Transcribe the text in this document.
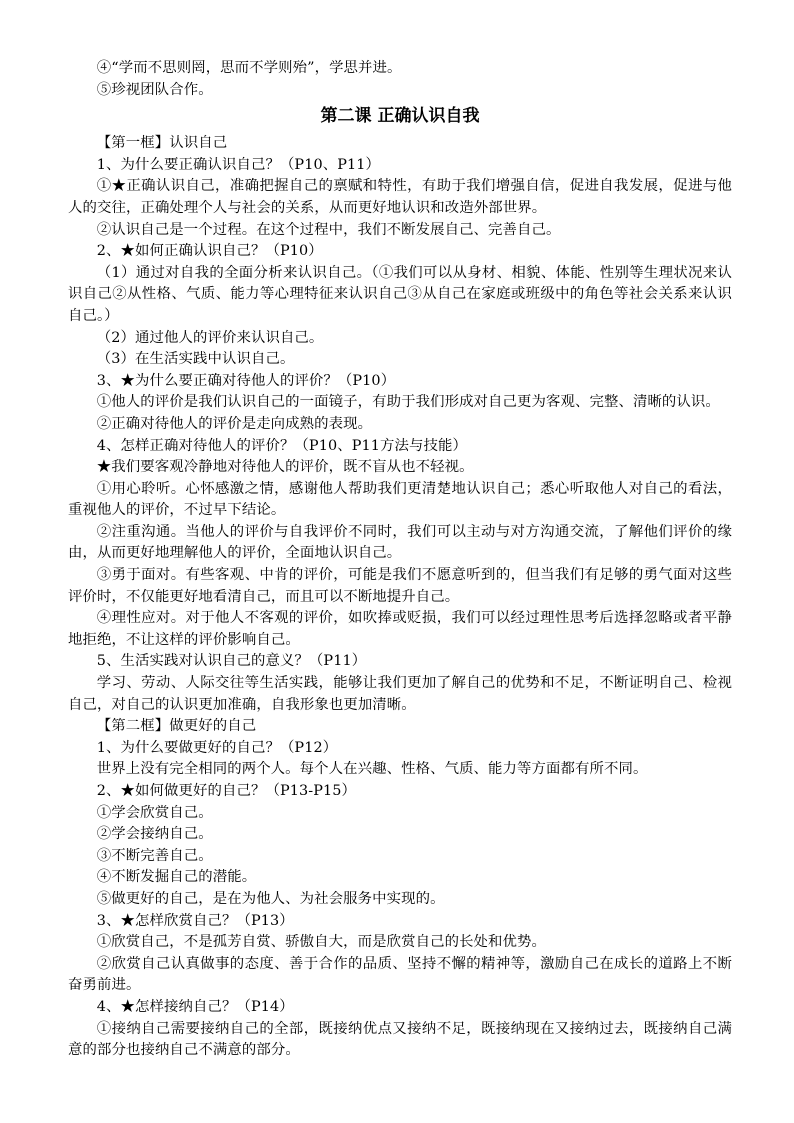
④“学而不思则罔，思而不学则殆”，学思并进。

⑤珍视团队合作。

第二课 正确认识自我

【第一框】认识自己

1、为什么要正确认识自己？（P10、P11）

①★正确认识自己，准确把握自己的禀赋和特性，有助于我们增强自信，促进自我发展，促进与他人的交往，正确处理个人与社会的关系，从而更好地认识和改造外部世界。

②认识自己是一个过程。在这个过程中，我们不断发展自己、完善自己。

2、★如何正确认识自己？（P10）

（1）通过对自我的全面分析来认识自己。（①我们可以从身材、相貌、体能、性别等生理状况来认识自己②从性格、气质、能力等心理特征来认识自己③从自己在家庭或班级中的角色等社会关系来认识自己。）

（2）通过他人的评价来认识自己。

（3）在生活实践中认识自己。

3、★为什么要正确对待他人的评价？（P10）

①他人的评价是我们认识自己的一面镜子，有助于我们形成对自己更为客观、完整、清晰的认识。

②正确对待他人的评价是走向成熟的表现。

4、怎样正确对待他人的评价？（P10、P11方法与技能）

★我们要客观冷静地对待他人的评价，既不盲从也不轻视。

①用心聆听。心怀感激之情，感谢他人帮助我们更清楚地认识自己；悉心听取他人对自己的看法，重视他人的评价，不过早下结论。

②注重沟通。当他人的评价与自我评价不同时，我们可以主动与对方沟通交流，了解他们评价的缘由，从而更好地理解他人的评价，全面地认识自己。

③勇于面对。有些客观、中肯的评价，可能是我们不愿意听到的，但当我们有足够的勇气面对这些评价时，不仅能更好地看清自己，而且可以不断地提升自己。

④理性应对。对于他人不客观的评价，如吹捧或贬损，我们可以经过理性思考后选择忽略或者平静地拒绝，不让这样的评价影响自己。

5、生活实践对认识自己的意义？（P11）

学习、劳动、人际交往等生活实践，能够让我们更加了解自己的优势和不足，不断证明自己、检视自己，对自己的认识更加准确，自我形象也更加清晰。

【第二框】做更好的自己

1、为什么要做更好的自己？（P12）

世界上没有完全相同的两个人。每个人在兴趣、性格、气质、能力等方面都有所不同。

2、★如何做更好的自己？（P13-P15）

①学会欣赏自己。

②学会接纳自己。

③不断完善自己。

④不断发掘自己的潜能。

⑤做更好的自己，是在为他人、为社会服务中实现的。

3、★怎样欣赏自己？（P13）

①欣赏自己，不是孤芳自赏、骄傲自大，而是欣赏自己的长处和优势。

②欣赏自己认真做事的态度、善于合作的品质、坚持不懈的精神等，激励自己在成长的道路上不断奋勇前进。

4、★怎样接纳自己？（P14）

①接纳自己需要接纳自己的全部，既接纳优点又接纳不足，既接纳现在又接纳过去，既接纳自己满意的部分也接纳自己不满意的部分。
